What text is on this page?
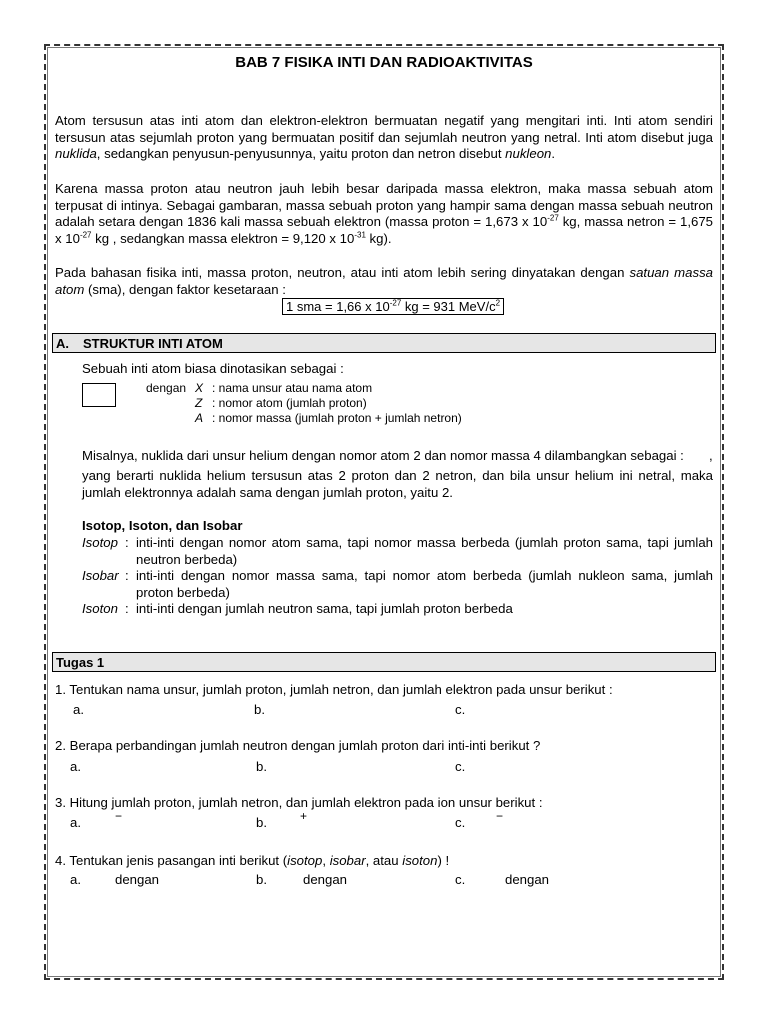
BAB 7 FISIKA INTI DAN RADIOAKTIVITAS
Atom tersusun atas inti atom dan elektron-elektron bermuatan negatif yang mengitari inti. Inti atom sendiri tersusun atas sejumlah proton yang bermuatan positif dan sejumlah neutron yang netral. Inti atom disebut juga nuklida, sedangkan penyusun-penyusunnya, yaitu proton dan netron disebut nukleon.
Karena massa proton atau neutron jauh lebih besar daripada massa elektron, maka massa sebuah atom terpusat di intinya. Sebagai gambaran, massa sebuah proton yang hampir sama dengan massa sebuah neutron adalah setara dengan 1836 kali massa sebuah elektron (massa proton = 1,673 x $10^{-27}$ kg, massa netron = 1,675 x $10^{-27}$ kg , sedangkan massa elektron = 9,120 x $10^{-31}$ kg).
Pada bahasan fisika inti, massa proton, neutron, atau inti atom lebih sering dinyatakan dengan satuan massa atom (sma), dengan faktor kesetaraan :
1 sma = 1,66 x $10^{-27}$ kg = 931 MeV/$c^2$
A. STRUKTUR INTI ATOM
Sebuah inti atom biasa dinotasikan sebagai :
dengan X : nama unsur atau nama atom
Z : nomor atom (jumlah proton)
A : nomor massa (jumlah proton + jumlah netron)
Misalnya, nuklida dari unsur helium dengan nomor atom 2 dan nomor massa 4 dilambangkan sebagai : ,
yang berarti nuklida helium tersusun atas 2 proton dan 2 netron, dan bila unsur helium ini netral, maka jumlah elektronnya adalah sama dengan jumlah proton, yaitu 2.
Isotop, Isoton, dan Isobar
Isotop : inti-inti dengan nomor atom sama, tapi nomor massa berbeda (jumlah proton sama, tapi jumlah neutron berbeda)
Isobar : inti-inti dengan nomor massa sama, tapi nomor atom berbeda (jumlah nukleon sama, jumlah proton berbeda)
Isoton : inti-inti dengan jumlah neutron sama, tapi jumlah proton berbeda
Tugas 1
1. Tentukan nama unsur, jumlah proton, jumlah netron, dan jumlah elektron pada unsur berikut :
a.	b.	c.
2. Berapa perbandingan jumlah neutron dengan jumlah proton dari inti-inti berikut ?
a.	b.	c.
3. Hitung jumlah proton, jumlah netron, dan jumlah elektron pada ion unsur berikut :
a.	−	b.	+	c.	−
4. Tentukan jenis pasangan inti berikut (isotop, isobar, atau isoton) !
a.	dengan	b.	dengan	c.	dengan
